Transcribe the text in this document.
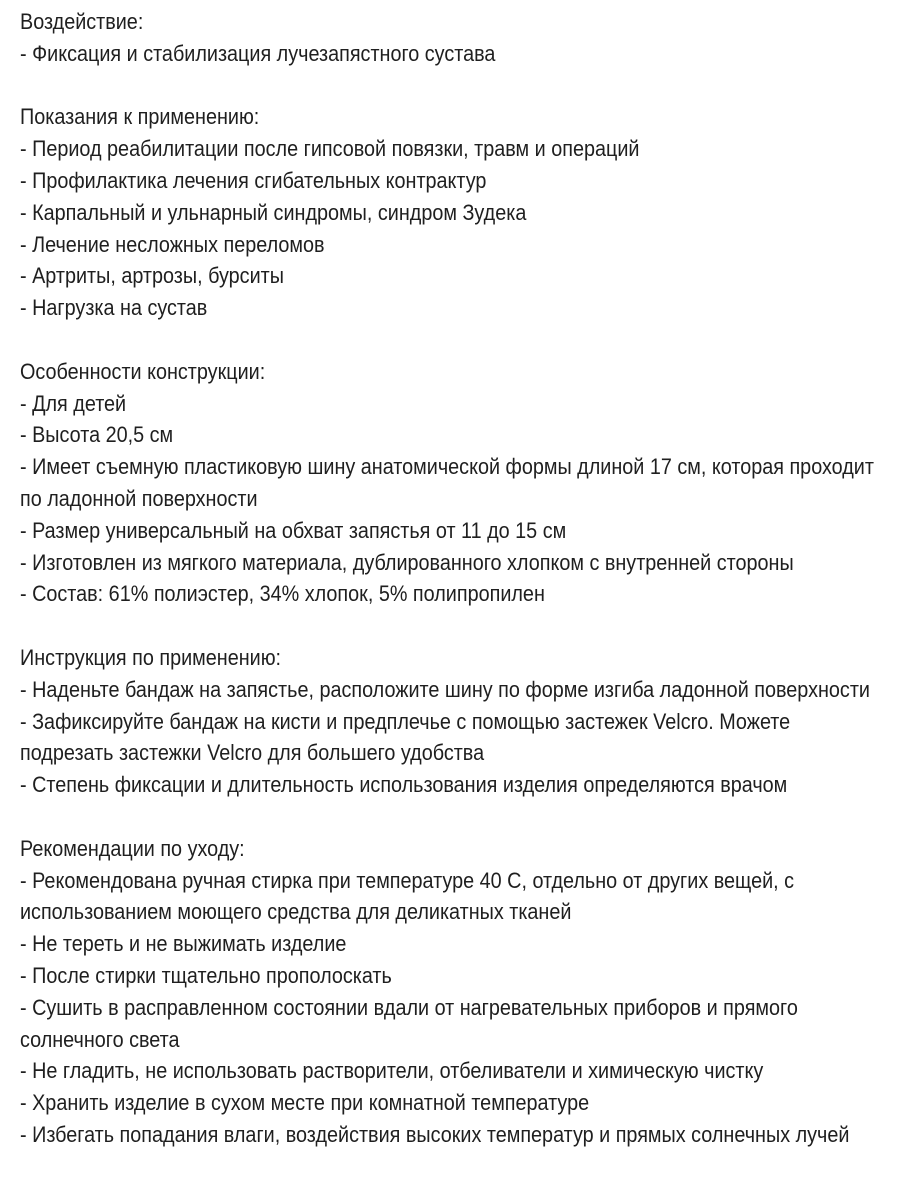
Воздействие:
- Фиксация и стабилизация лучезапястного сустава
Показания к применению:
- Период реабилитации после гипсовой повязки, травм и операций
- Профилактика лечения сгибательных контрактур
- Карпальный и ульнарный синдромы, синдром Зудека
- Лечение несложных переломов
- Артриты, артрозы, бурситы
- Нагрузка на сустав
Особенности конструкции:
- Для детей
- Высота 20,5 см
- Имеет съемную пластиковую шину анатомической формы длиной 17 см, которая проходит по ладонной поверхности
- Размер универсальный на обхват запястья от 11 до 15 см
- Изготовлен из мягкого материала, дублированного хлопком с внутренней стороны
- Состав: 61% полиэстер, 34% хлопок, 5% полипропилен
Инструкция по применению:
- Наденьте бандаж на запястье, расположите шину по форме изгиба ладонной поверхности
- Зафиксируйте бандаж на кисти и предплечье с помощью застежек Velcro. Можете подрезать застежки Velcro для большего удобства
- Степень фиксации и длительность использования изделия определяются врачом
Рекомендации по уходу:
- Рекомендована ручная стирка при температуре 40 С, отдельно от других вещей, с использованием моющего средства для деликатных тканей
- Не тереть и не выжимать изделие
- После стирки тщательно прополоскать
- Сушить в расправленном состоянии вдали от нагревательных приборов и прямого солнечного света
- Не гладить, не использовать растворители, отбеливатели и химическую чистку
- Хранить изделие в сухом месте при комнатной температуре
- Избегать попадания влаги, воздействия высоких температур и прямых солнечных лучей
